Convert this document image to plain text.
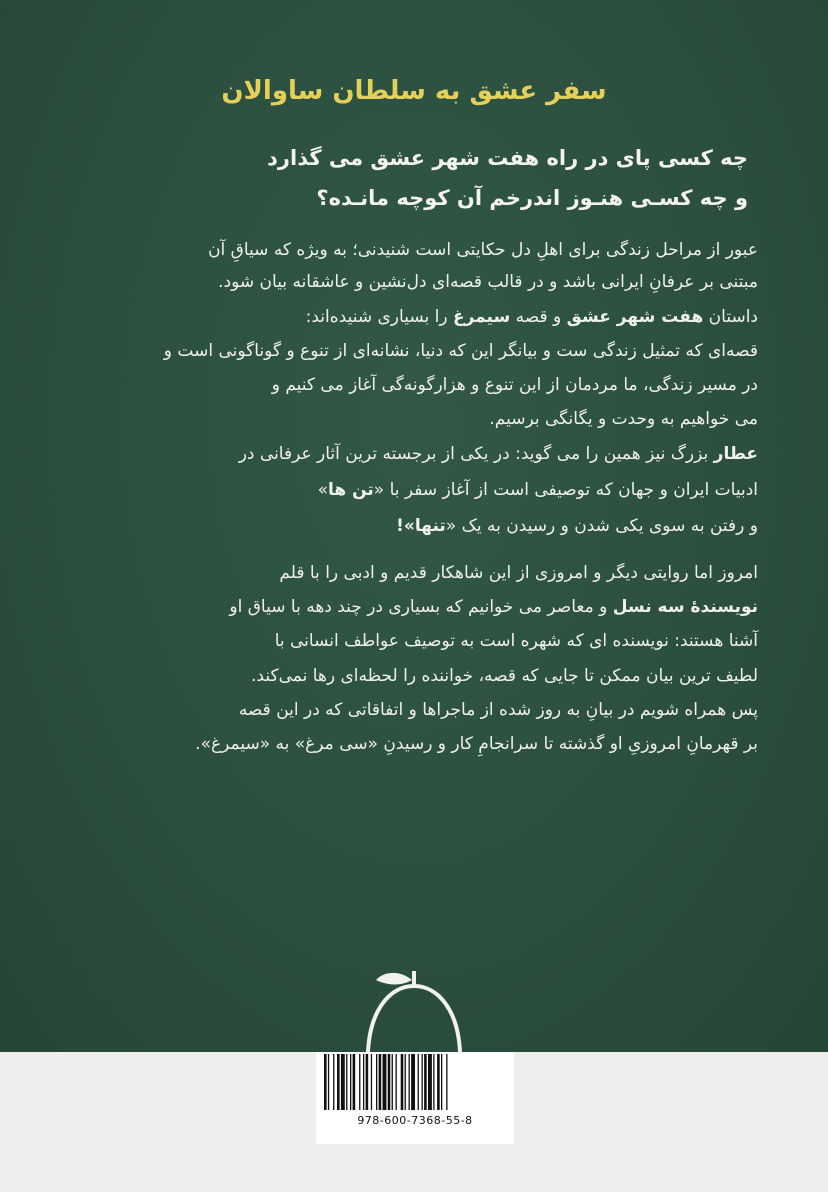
سفر عشق به سلطان ساوالان
چه کسی پای در راه هفت شهر عشق می گذارد
و چه کسـی هنـوز اندرخم آن کوچه مانـده؟
عبور از مراحل زندگی برای اهلِ دل حکایتی است شنیدنی؛ به ویژه که سیاقِ آن
مبتنی بر عرفانِ ایرانی باشد و در قالب قصه‌ای دل‌نشین و عاشقانه بیان شود.
داستان هفت شهر عشق و قصه سیمرغ را بسیاری شنیده‌اند:
قصه‌ای که تمثیل زندگی ست و بیانگر این که دنیا، نشانه‌ای از تنوع و گوناگونی است و
در مسیر زندگی، ما مردمان از این تنوع و هزارگونه‌گی آغاز می کنیم و
می خواهیم به وحدت و یگانگی برسیم.
عطار بزرگ نیز همین را می گوید: در یکی از برجسته ترین آثار عرفانی در
ادبیات ایران و جهان که توصیفی است از آغاز سفر با «تن ها»
و رفتن به سوی یکی شدن و رسیدن به یک «تنها»!
امروز اما روایتی دیگر و امروزی از این شاهکار قدیم و ادبی را با قلم
نویسندۀ سه نسل و معاصر می خوانیم که بسیاری در چند دهه با سیاق او
آشنا هستند: نویسنده ای که شهره است به توصیف عواطف انسانی با
لطیف ترین بیان ممکن تا جایی که قصه، خواننده را لحظه‌ای رها نمی‌کند.
پس همراه شویم در بیانِ به روز شده از ماجراها و اتفاقاتی که در این قصه
بر قهرمانِ امروزیِ او گذشته تا سرانجامِ کار و رسیدنِ «سی مرغ» به «سیمرغ».
978-600-7368-55-8
